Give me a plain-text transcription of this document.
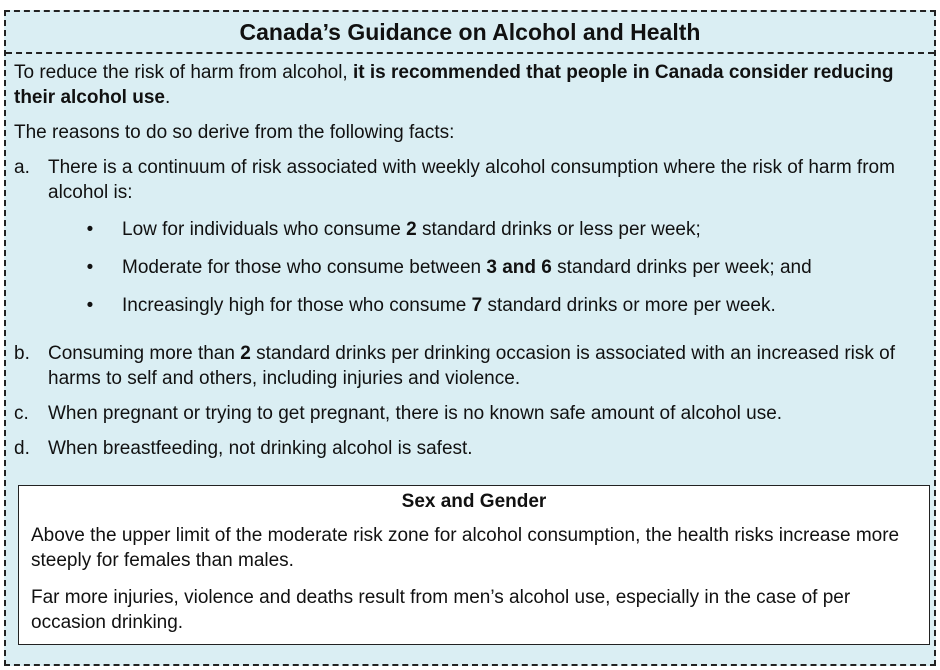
Canada’s Guidance on Alcohol and Health

To reduce the risk of harm from alcohol, it is recommended that people in Canada consider reducing their alcohol use.

The reasons to do so derive from the following facts:

a. There is a continuum of risk associated with weekly alcohol consumption where the risk of harm from alcohol is:
•	Low for individuals who consume 2 standard drinks or less per week;
•	Moderate for those who consume between 3 and 6 standard drinks per week; and
•	Increasingly high for those who consume 7 standard drinks or more per week.
b. Consuming more than 2 standard drinks per drinking occasion is associated with an increased risk of harms to self and others, including injuries and violence.
c.	When pregnant or trying to get pregnant, there is no known safe amount of alcohol use.
d. When breastfeeding, not drinking alcohol is safest.
Sex and Gender

Above the upper limit of the moderate risk zone for alcohol consumption, the health risks increase more steeply for females than males.

Far more injuries, violence and deaths result from men’s alcohol use, especially in the case of per occasion drinking.
